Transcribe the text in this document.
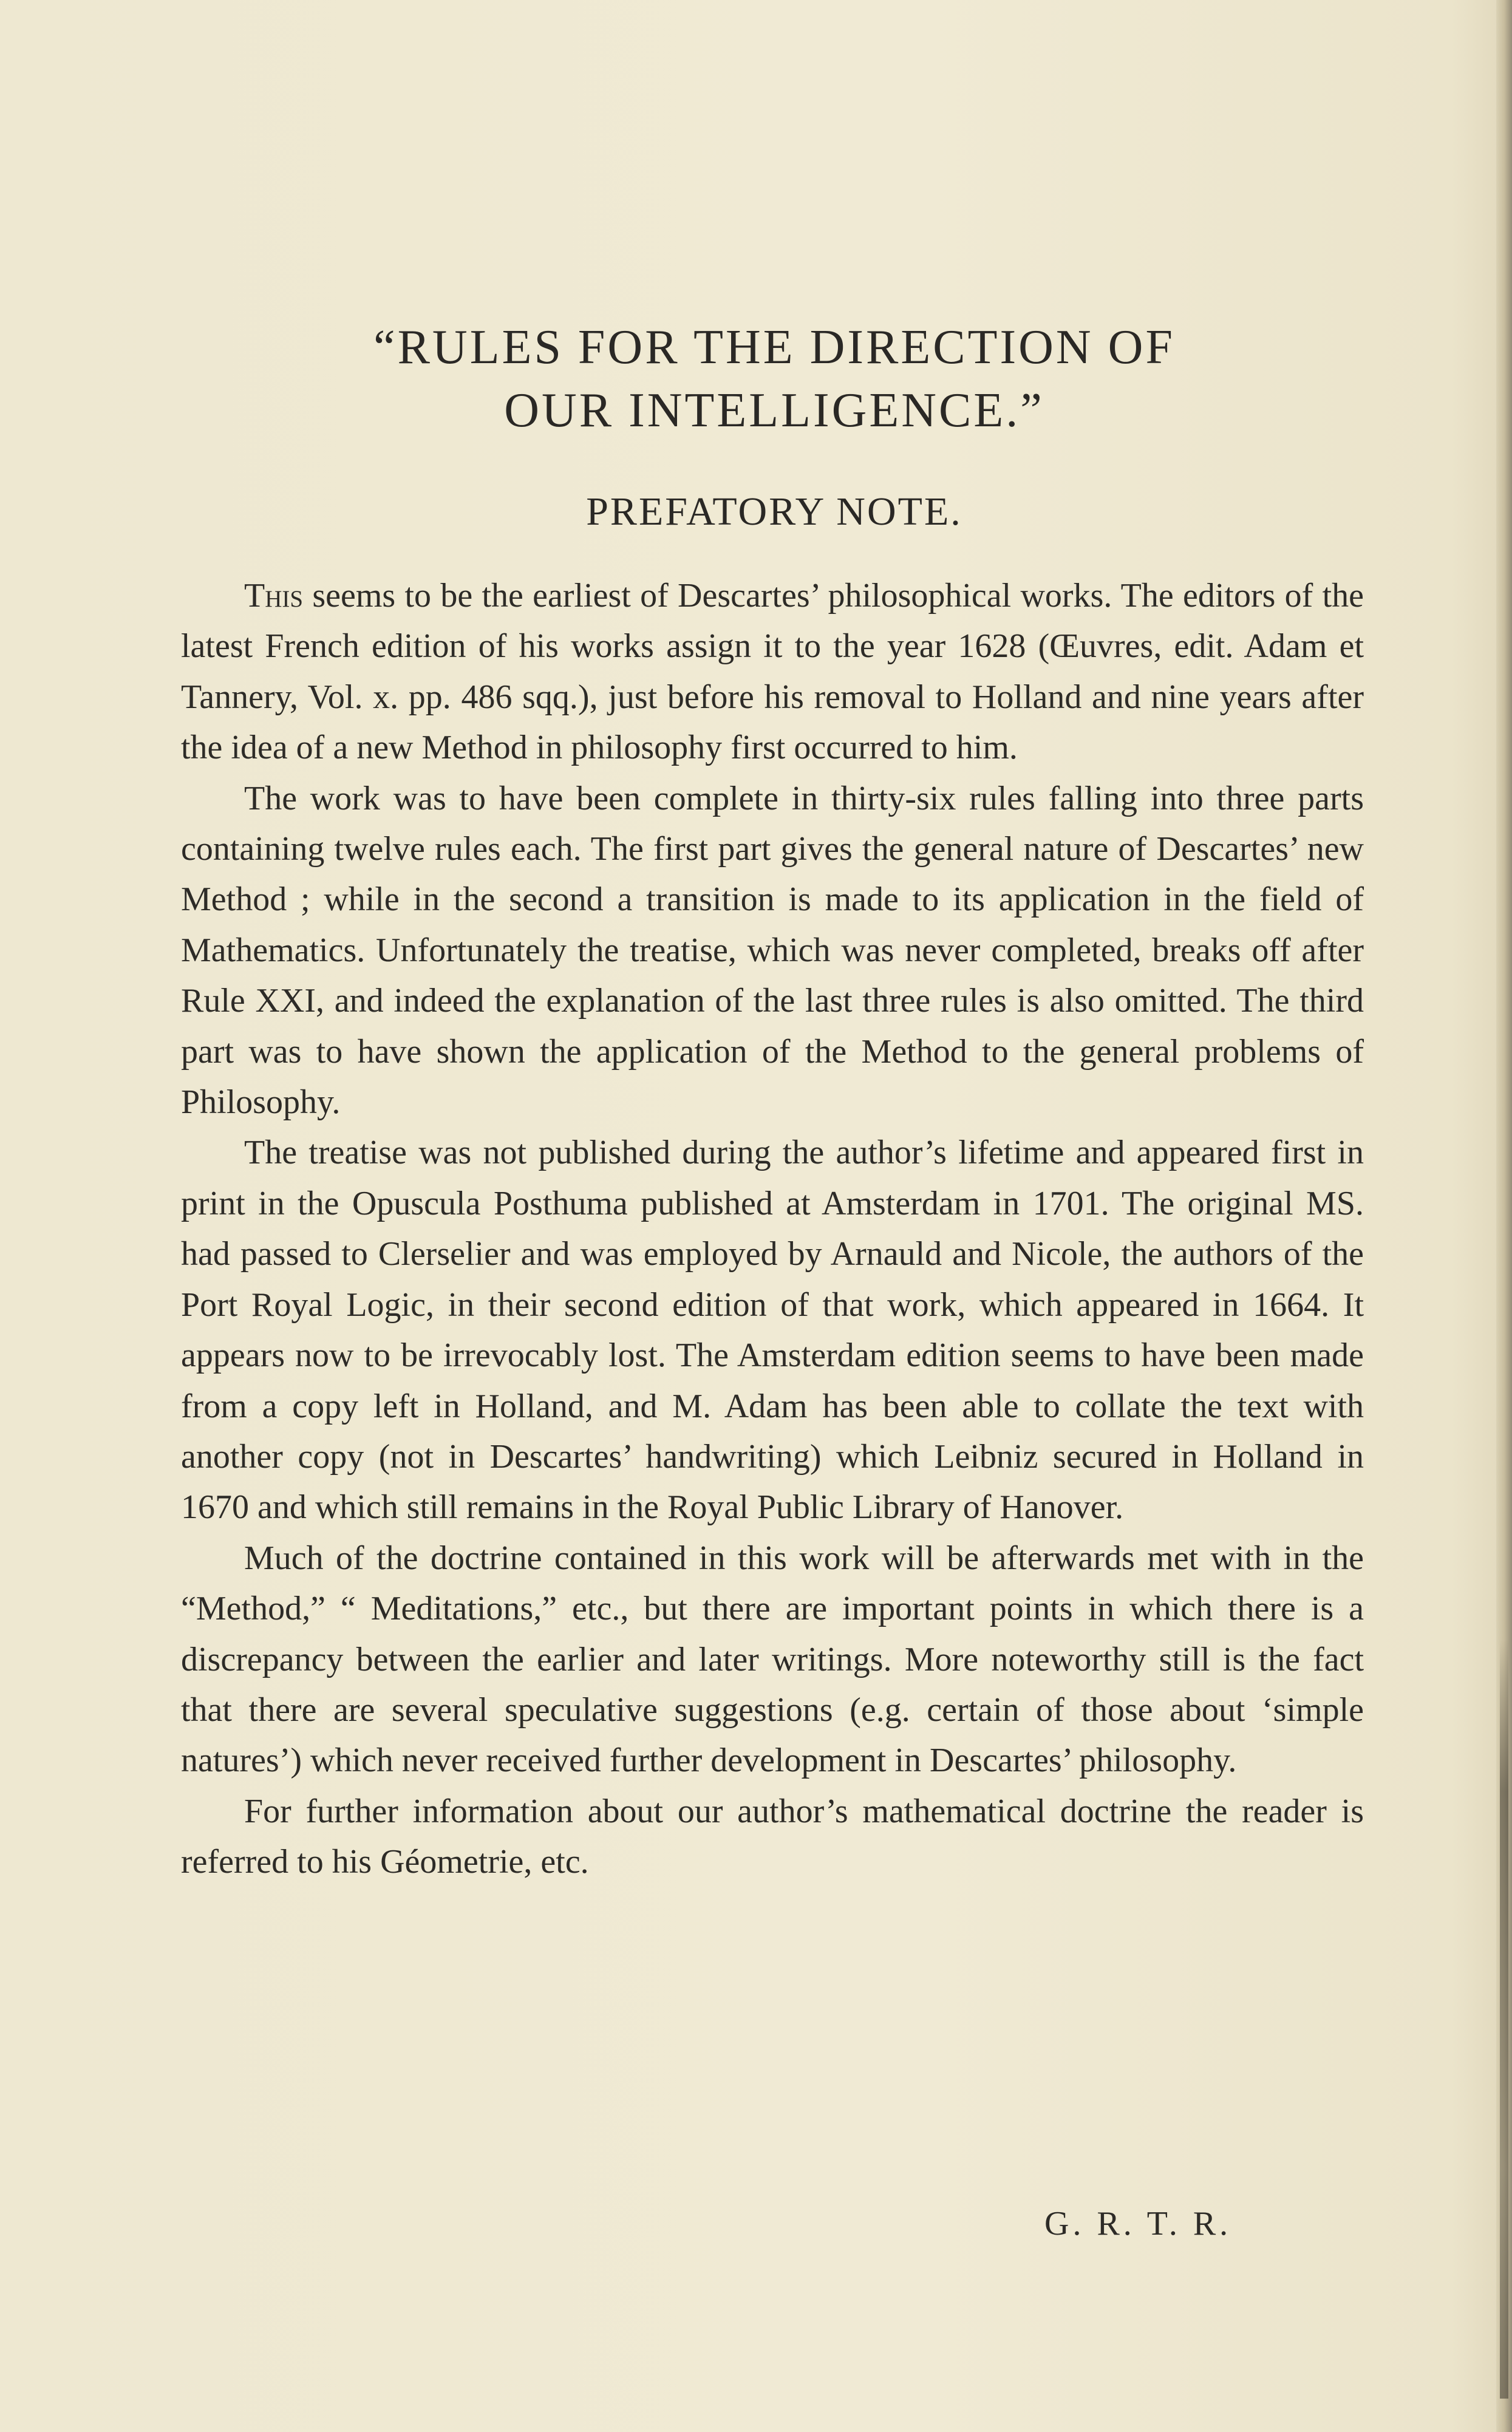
“RULES FOR THE DIRECTION OF
OUR INTELLIGENCE.”
PREFATORY NOTE.

This seems to be the earliest of Descartes’ philosophical works. The editors of the latest French edition of his works assign it to the year 1628 (Œuvres, edit. Adam et Tannery, Vol. x. pp. 486 sqq.), just before his removal to Holland and nine years after the idea of a new Method in philosophy first occurred to him.

The work was to have been complete in thirty-six rules falling into three parts containing twelve rules each. The first part gives the general nature of Descartes’ new Method ; while in the second a transition is made to its application in the field of Mathematics. Unfortunately the treatise, which was never completed, breaks off after Rule XXI, and indeed the explanation of the last three rules is also omitted. The third part was to have shown the application of the Method to the general problems of Philosophy.

The treatise was not published during the author’s lifetime and appeared first in print in the Opuscula Posthuma published at Amsterdam in 1701. The original MS. had passed to Clerselier and was employed by Arnauld and Nicole, the authors of the Port Royal Logic, in their second edition of that work, which appeared in 1664. It appears now to be irrevocably lost. The Amsterdam edition seems to have been made from a copy left in Holland, and M. Adam has been able to collate the text with another copy (not in Descartes’ handwriting) which Leibniz secured in Holland in 1670 and which still remains in the Royal Public Library of Hanover.

Much of the doctrine contained in this work will be afterwards met with in the “Method,” “ Meditations,” etc., but there are important points in which there is a discrepancy between the earlier and later writings. More noteworthy still is the fact that there are several speculative suggestions (e.g. certain of those about ‘simple natures’) which never received further development in Descartes’ philosophy.

For further information about our author’s mathematical doctrine the reader is referred to his Géometrie, etc.

G. R. T. R.
